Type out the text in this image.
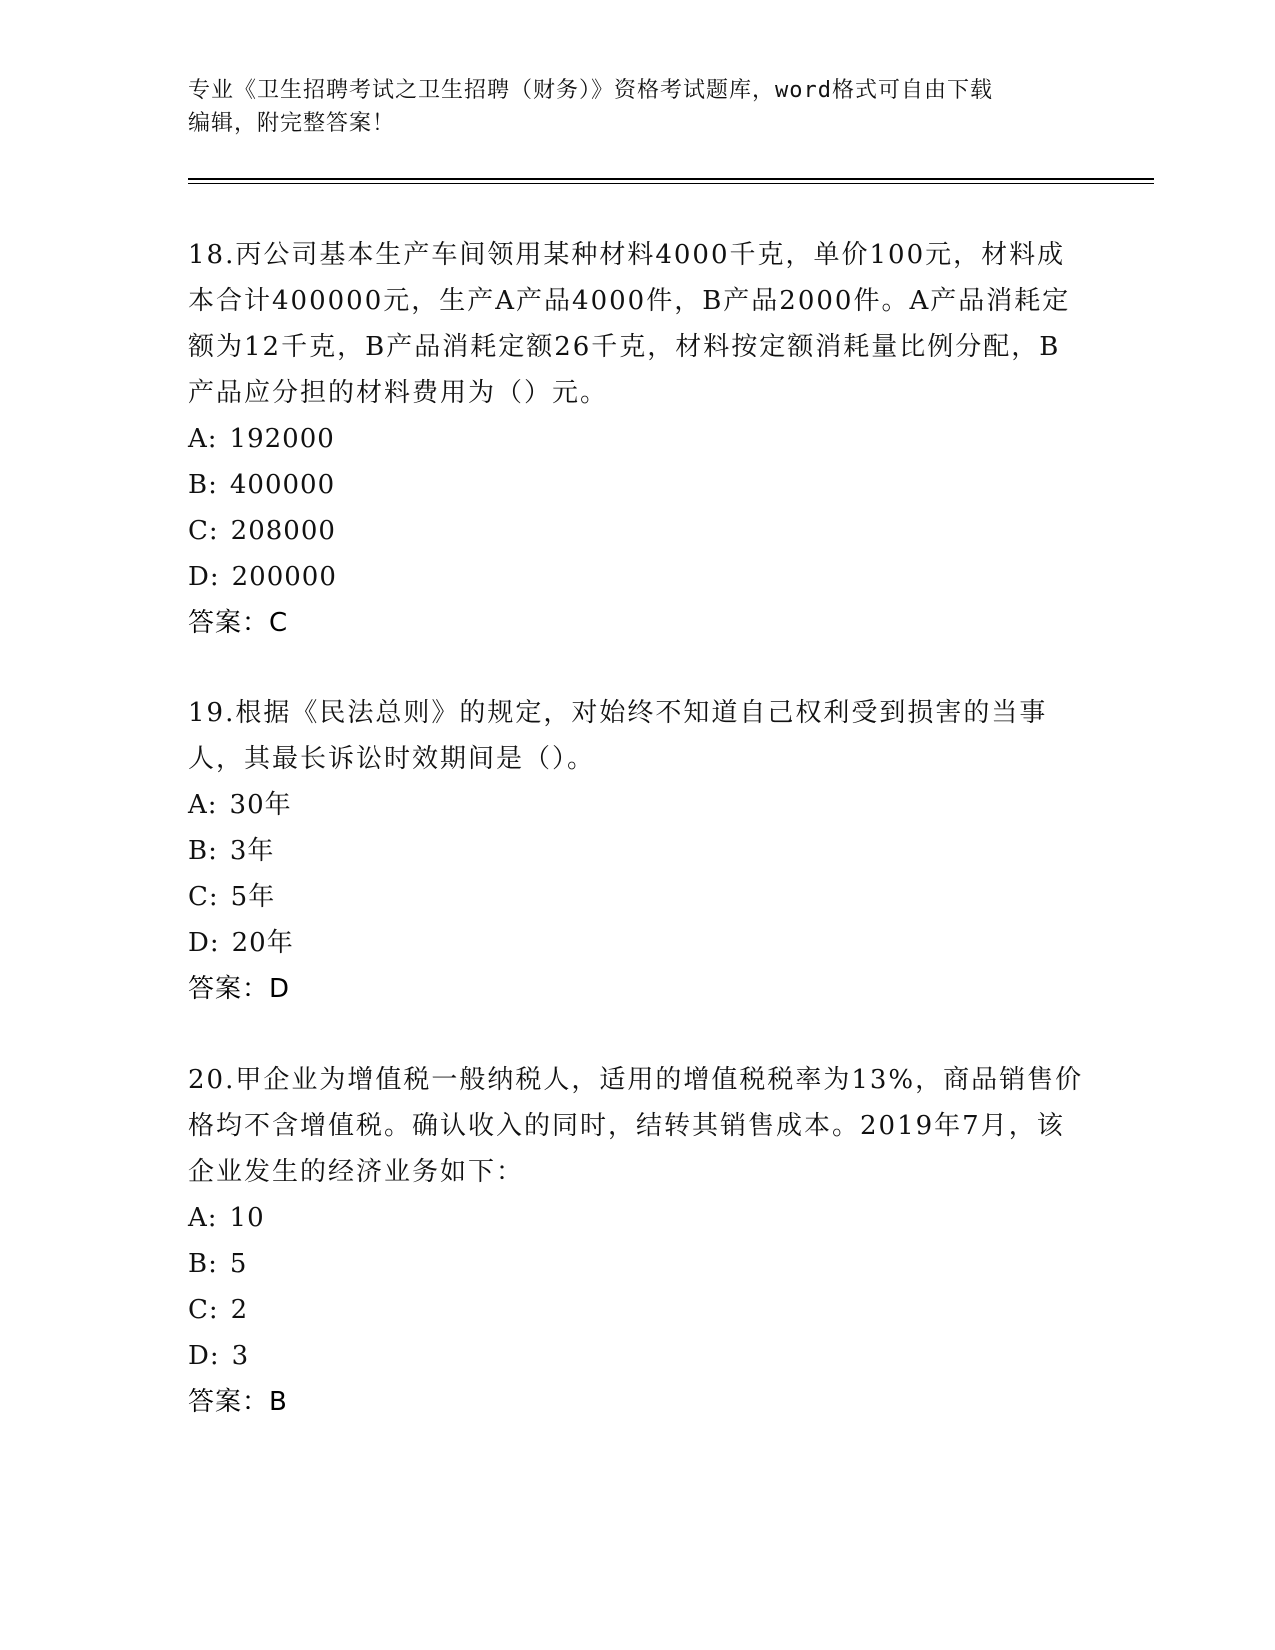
专业《卫生招聘考试之卫生招聘（财务）》资格考试题库，word格式可自由下载
编辑，附完整答案！

18.丙公司基本生产车间领用某种材料4000千克，单价100元，材料成本合计400000元，生产A产品4000件，B产品2000件。A产品消耗定额为12千克，B产品消耗定额26千克，材料按定额消耗量比例分配，B产品应分担的材料费用为（）元。

A: 192000
B: 400000
C: 208000
D: 200000
答案：C

19.根据《民法总则》的规定，对始终不知道自己权利受到损害的当事人，其最长诉讼时效期间是（）。

A: 30年
B: 3年
C: 5年
D: 20年
答案：D

20.甲企业为增值税一般纳税人，适用的增值税税率为13%，商品销售价格均不含增值税。确认收入的同时，结转其销售成本。2019年7月，该企业发生的经济业务如下：

A: 10
B: 5
C: 2
D: 3
答案：B
